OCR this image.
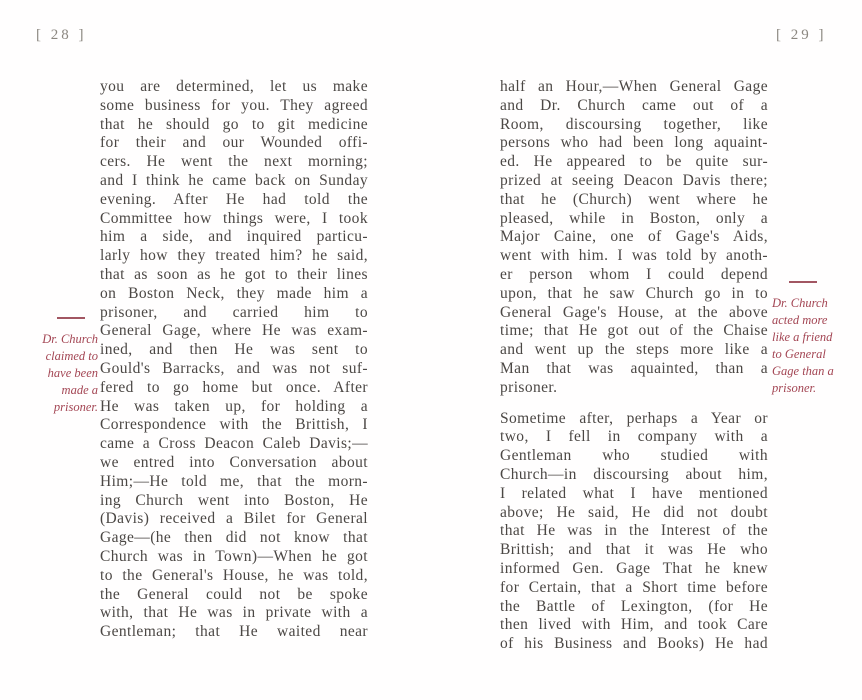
[ 28 ]	[ 29 ]
Dr. Church
claimed to
have been
made a
prisoner.
you are determined, let us make
some business for you. They agreed
that he should go to git medicine
for their and our Wounded offi-
cers. He went the next morning;
and I think he came back on Sunday
evening. After He had told the
Committee how things were, I took
him a side, and inquired particu-
larly how they treated him? he said,
that as soon as he got to their lines
on Boston Neck, they made him a
prisoner, and carried him to
General Gage, where He was exam-
ined, and then He was sent to
Gould's Barracks, and was not suf-
fered to go home but once. After
He was taken up, for holding a
Correspondence with the Brittish, I
came a Cross Deacon Caleb Davis;—
we entred into Conversation about
Him;—He told me, that the morn-
ing Church went into Boston, He
(Davis) received a Bilet for General
Gage—(he then did not know that
Church was in Town)—When he got
to the General's House, he was told,
the General could not be spoke
with, that He was in private with a
Gentleman; that He waited near
half an Hour,—When General Gage
and Dr. Church came out of a
Room, discoursing together, like
persons who had been long aquaint-
ed. He appeared to be quite sur-
prized at seeing Deacon Davis there;
that he (Church) went where he
pleased, while in Boston, only a
Major Caine, one of Gage's Aids,
went with him. I was told by anoth-
er person whom I could depend
upon, that he saw Church go in to
General Gage's House, at the above
time; that He got out of the Chaise
and went up the steps more like a
Man that was aquainted, than a
prisoner.
Sometime after, perhaps a Year or
two, I fell in company with a
Gentleman who studied with
Church—in discoursing about him,
I related what I have mentioned
above; He said, He did not doubt
that He was in the Interest of the
Brittish; and that it was He who
informed Gen. Gage That he knew
for Certain, that a Short time before
the Battle of Lexington, (for He
then lived with Him, and took Care
of his Business and Books) He had
Dr. Church
acted more
like a friend
to General
Gage than a
prisoner.
